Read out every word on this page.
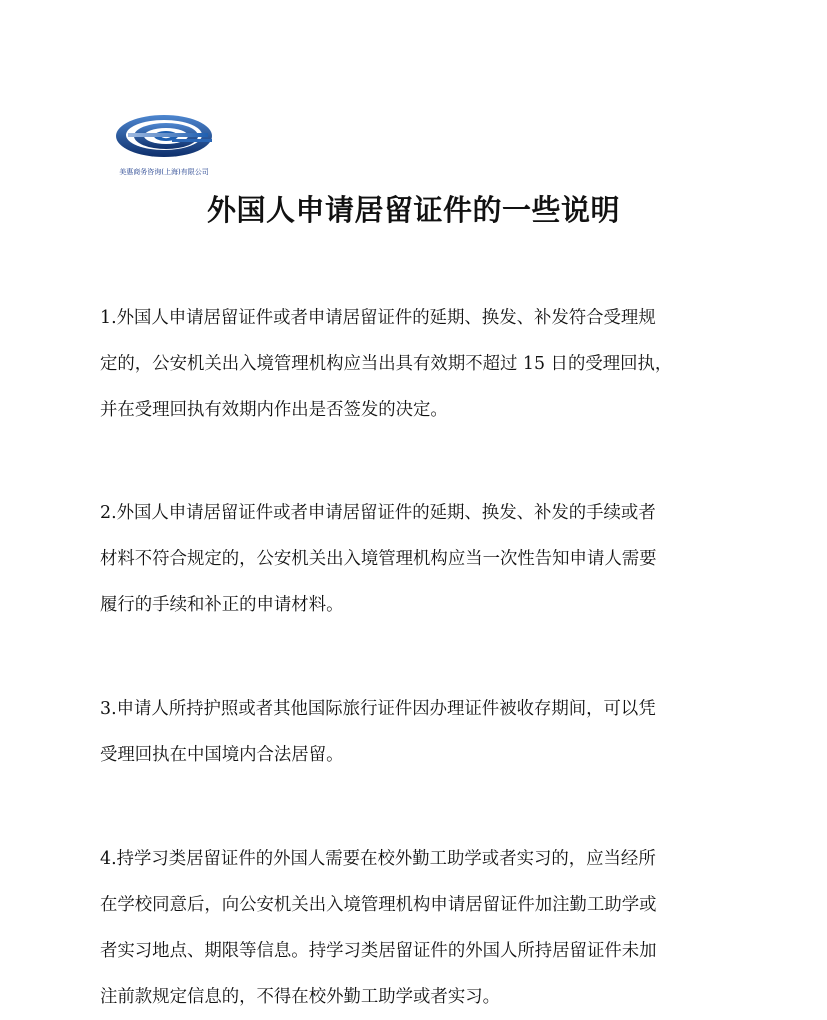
美惠商务咨询(上海)有限公司
外国人申请居留证件的一些说明

1.外国人申请居留证件或者申请居留证件的延期、换发、补发符合受理规
定的，公安机关出入境管理机构应当出具有效期不超过 15 日的受理回执，
并在受理回执有效期内作出是否签发的决定。

2.外国人申请居留证件或者申请居留证件的延期、换发、补发的手续或者
材料不符合规定的，公安机关出入境管理机构应当一次性告知申请人需要
履行的手续和补正的申请材料。

3.申请人所持护照或者其他国际旅行证件因办理证件被收存期间，可以凭
受理回执在中国境内合法居留。

4.持学习类居留证件的外国人需要在校外勤工助学或者实习的，应当经所
在学校同意后，向公安机关出入境管理机构申请居留证件加注勤工助学或
者实习地点、期限等信息。持学习类居留证件的外国人所持居留证件未加
注前款规定信息的，不得在校外勤工助学或者实习。
